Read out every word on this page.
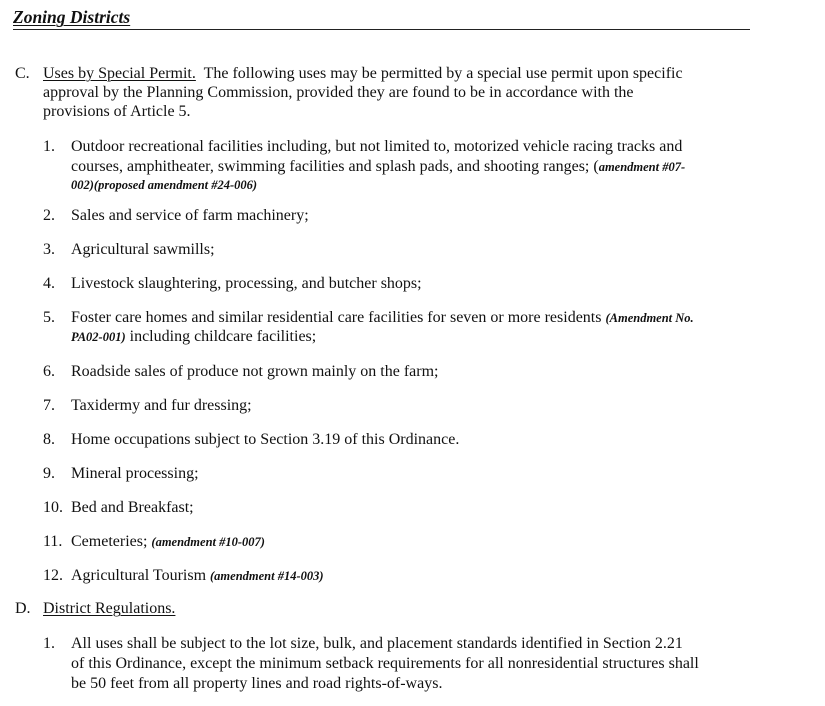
Zoning Districts
C. Uses by Special Permit.  The following uses may be permitted by a special use permit upon specific
approval by the Planning Commission, provided they are found to be in accordance with the
provisions of Article 5.
1. Outdoor recreational facilities including, but not limited to, motorized vehicle racing tracks and
courses, amphitheater, swimming facilities and splash pads, and shooting ranges; (amendment #07-
002)(proposed amendment #24-006)
2. Sales and service of farm machinery;
3. Agricultural sawmills;
4. Livestock slaughtering, processing, and butcher shops;
5. Foster care homes and similar residential care facilities for seven or more residents (Amendment No.
PA02-001) including childcare facilities;
6. Roadside sales of produce not grown mainly on the farm;
7. Taxidermy and fur dressing;
8. Home occupations subject to Section 3.19 of this Ordinance.
9. Mineral processing;
10. Bed and Breakfast;
11. Cemeteries; (amendment #10-007)
12. Agricultural Tourism (amendment #14-003)
D. District Regulations.
1. All uses shall be subject to the lot size, bulk, and placement standards identified in Section 2.21
of this Ordinance, except the minimum setback requirements for all nonresidential structures shall
be 50 feet from all property lines and road rights-of-ways.
